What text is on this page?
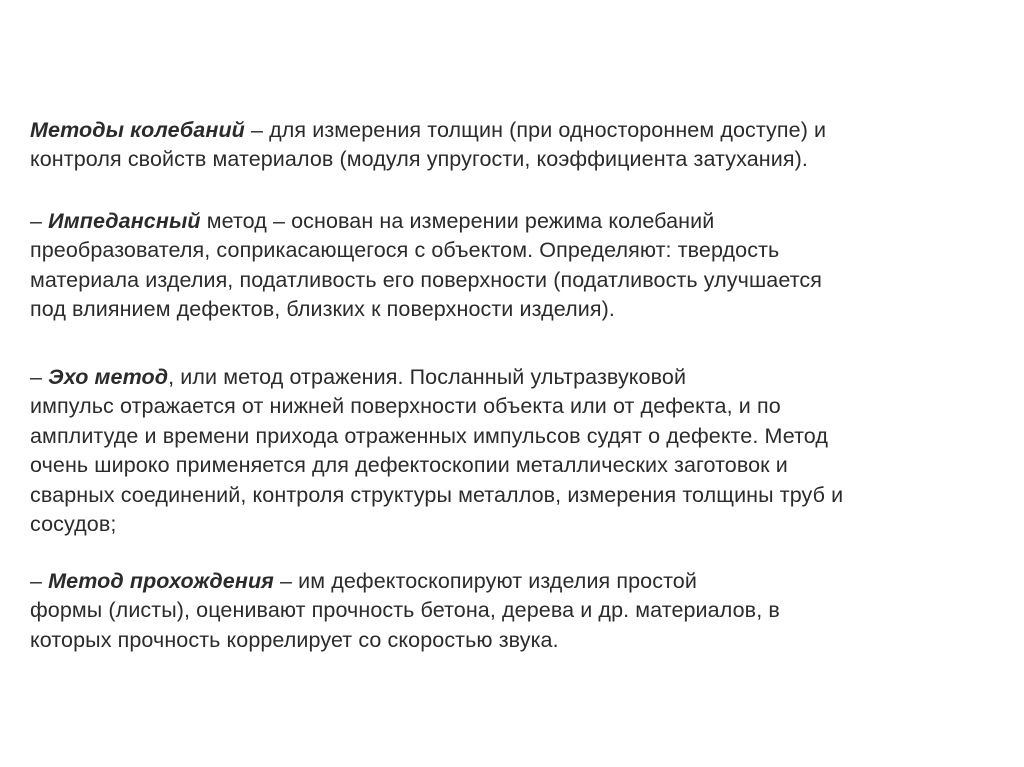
Методы колебаний – для измерения толщин (при одностороннем доступе) и
контроля свойств материалов (модуля упругости, коэффициента затухания).

– Импедансный метод – основан на измерении режима колебаний
преобразователя, соприкасающегося с объектом. Определяют: твердость
материала изделия, податливость его поверхности (податливость улучшается
под влиянием дефектов, близких к поверхности изделия).

– Эхо метод, или метод отражения. Посланный ультразвуковой
импульс отражается от нижней поверхности объекта или от дефекта, и по
амплитуде и времени прихода отраженных импульсов судят о дефекте. Метод
очень широко применяется для дефектоскопии металлических заготовок и
сварных соединений, контроля структуры металлов, измерения толщины труб и
сосудов;

– Метод прохождения – им дефектоскопируют изделия простой
формы (листы), оценивают прочность бетона, дерева и др. материалов, в
которых прочность коррелирует со скоростью звука.
